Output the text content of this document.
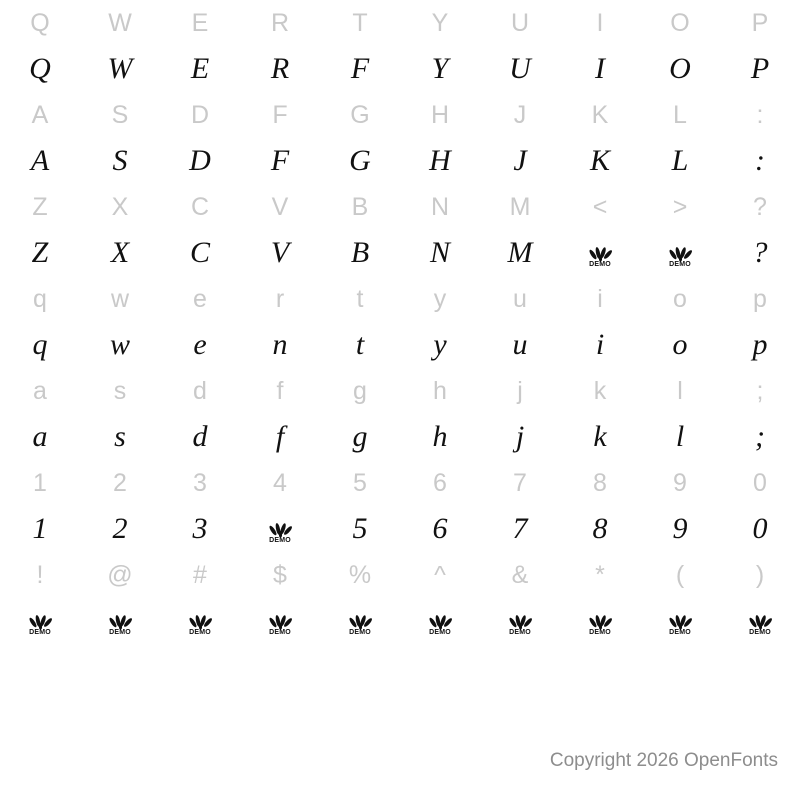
Q W E	R	T	Y	U	I	O P
Q W E R F Y U I O P
A	S	D	F	G H	J	K	L	:
A S D F G H J K L :
Z	X	C	V	B	N M <	>	?
Z X C V B N M	DEMO	DEMO ?
q	w	e	r	t	y	u	i	o	p
q w e n t y u i o p
a	s	d	f	g	h	j	k	l	;
a s d f g h j k l ;
1	2	3	4	5	6	7	8	9	0
1 2 3	DEMO 5 6 7 8 9 0
!	@ #	$ %	^	&	*	(	)
DEMO	DEMO	DEMO	DEMO	DEMO	DEMO	DEMO	DEMO	DEMO	DEMO
Copyright 2026 OpenFonts
